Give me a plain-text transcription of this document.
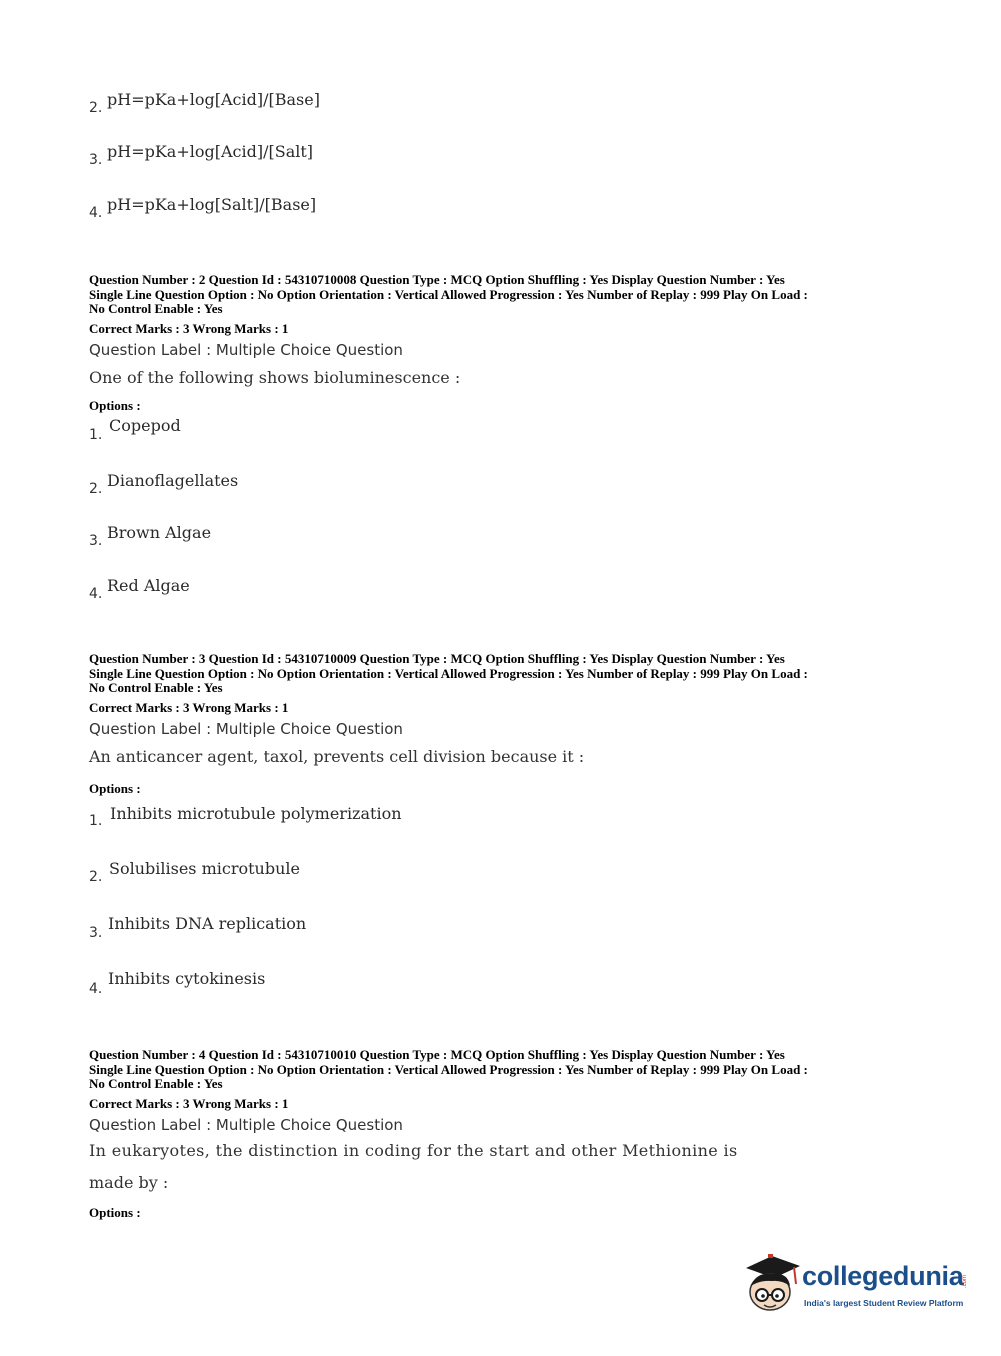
2. pH=pKa+log[Acid]/[Base]
3. pH=pKa+log[Acid]/[Salt]
4. pH=pKa+log[Salt]/[Base]
Question Number : 2 Question Id : 54310710008 Question Type : MCQ Option Shuffling : Yes Display Question Number : Yes
Single Line Question Option : No Option Orientation : Vertical Allowed Progression : Yes Number of Replay : 999 Play On Load :
No Control Enable : Yes
Correct Marks : 3 Wrong Marks : 1
Question Label : Multiple Choice Question
One of the following shows bioluminescence :
Options :
1. Copepod
2. Dianoflagellates
3. Brown Algae
4. Red Algae
Question Number : 3 Question Id : 54310710009 Question Type : MCQ Option Shuffling : Yes Display Question Number : Yes
Single Line Question Option : No Option Orientation : Vertical Allowed Progression : Yes Number of Replay : 999 Play On Load :
No Control Enable : Yes
Correct Marks : 3 Wrong Marks : 1
Question Label : Multiple Choice Question
An anticancer agent, taxol, prevents cell division because it :
Options :
1. Inhibits microtubule polymerization
2. Solubilises microtubule
3. Inhibits DNA replication
4.
Inhibits cytokinesis
Question Number : 4 Question Id : 54310710010 Question Type : MCQ Option Shuffling : Yes Display Question Number : Yes
Single Line Question Option : No Option Orientation : Vertical Allowed Progression : Yes Number of Replay : 999 Play On Load :
No Control Enable : Yes
Correct Marks : 3 Wrong Marks : 1
Question Label : Multiple Choice Question
In eukaryotes, the distinction in coding for the start and other Methionine is
made by :
Options :
collegedunia
.com
India's largest Student Review Platform
